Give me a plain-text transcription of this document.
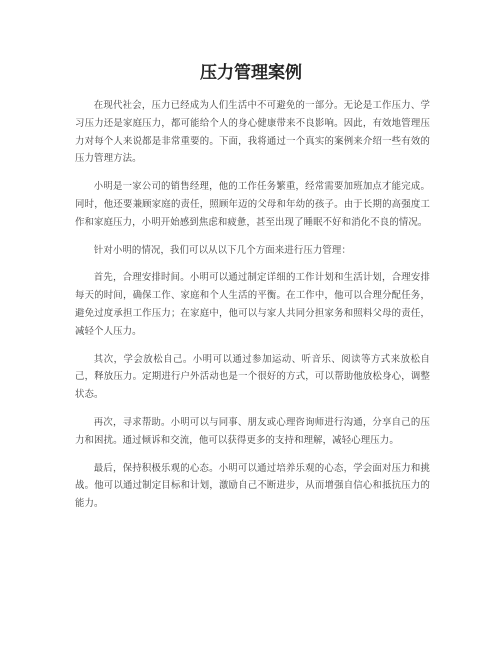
压力管理案例

在现代社会，压力已经成为人们生活中不可避免的一部分。无论是工作压力、学习压力还是家庭压力，都可能给个人的身心健康带来不良影响。因此，有效地管理压力对每个人来说都是非常重要的。下面，我将通过一个真实的案例来介绍一些有效的压力管理方法。

小明是一家公司的销售经理，他的工作任务繁重，经常需要加班加点才能完成。同时，他还要兼顾家庭的责任，照顾年迈的父母和年幼的孩子。由于长期的高强度工作和家庭压力，小明开始感到焦虑和疲惫，甚至出现了睡眠不好和消化不良的情况。

针对小明的情况，我们可以从以下几个方面来进行压力管理：

首先，合理安排时间。小明可以通过制定详细的工作计划和生活计划，合理安排每天的时间，确保工作、家庭和个人生活的平衡。在工作中，他可以合理分配任务，避免过度承担工作压力；在家庭中，他可以与家人共同分担家务和照料父母的责任，减轻个人压力。

其次，学会放松自己。小明可以通过参加运动、听音乐、阅读等方式来放松自己，释放压力。定期进行户外活动也是一个很好的方式，可以帮助他放松身心，调整状态。

再次，寻求帮助。小明可以与同事、朋友或心理咨询师进行沟通，分享自己的压力和困扰。通过倾诉和交流，他可以获得更多的支持和理解，减轻心理压力。

最后，保持积极乐观的心态。小明可以通过培养乐观的心态，学会面对压力和挑战。他可以通过制定目标和计划，激励自己不断进步，从而增强自信心和抵抗压力的能力。
